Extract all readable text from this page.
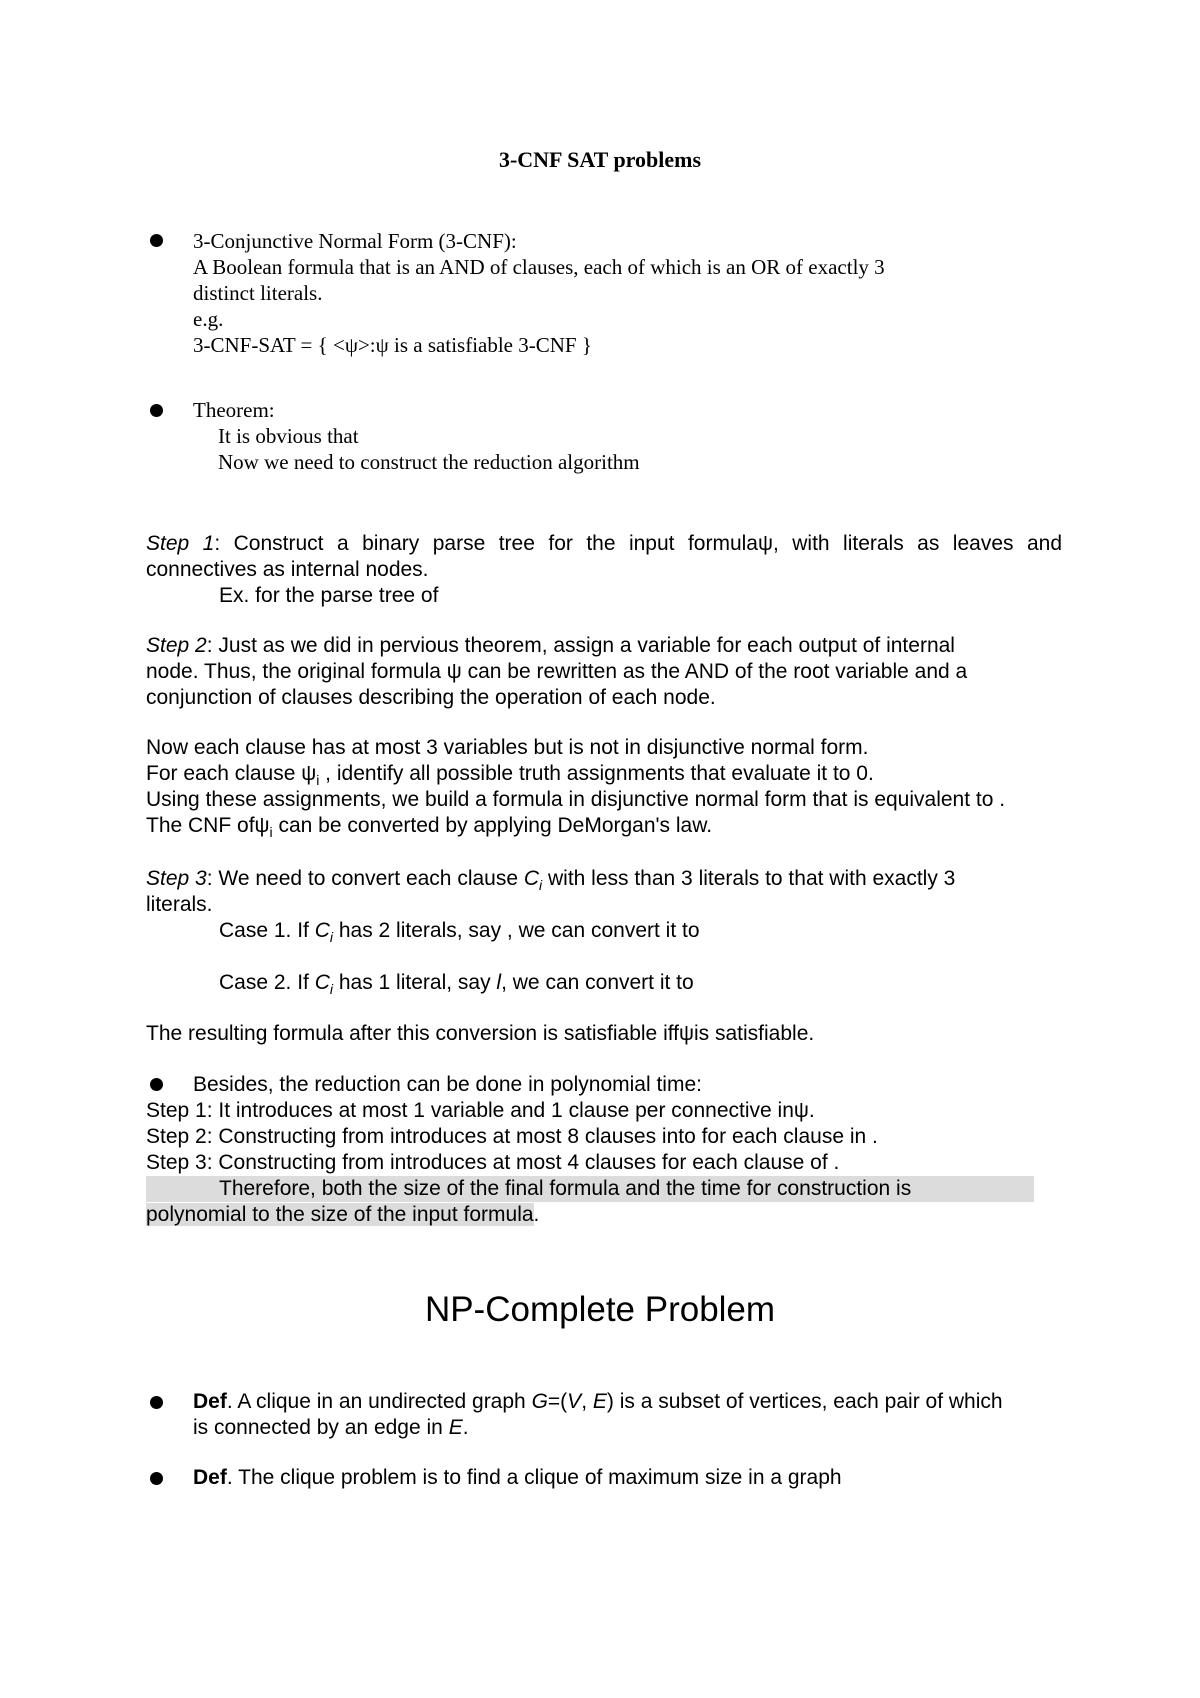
3-CNF SAT problems

3-Conjunctive Normal Form (3-CNF):

A Boolean formula that is an AND of clauses, each of which is an OR of exactly 3

distinct literals.

e.g.

3-CNF-SAT = { <ψ>:ψ is a satisfiable 3-CNF }

Theorem:

It is obvious that

Now we need to construct the reduction algorithm

Step 1: Construct a binary parse tree for the input formulaψ, with literals as leaves and

connectives as internal nodes.

Ex. for the parse tree of

Step 2: Just as we did in pervious theorem, assign a variable for each output of internal

node. Thus, the original formula ψ can be rewritten as the AND of the root variable and a

conjunction of clauses describing the operation of each node.

Now each clause has at most 3 variables but is not in disjunctive normal form.

For each clause $\psi_i$ , identify all possible truth assignments that evaluate it to 0.

Using these assignments, we build a formula in disjunctive normal form that is equivalent to .

The CNF ofψ$_i$ can be converted by applying DeMorgan's law.

Step 3: We need to convert each clause $C_i$ with less than 3 literals to that with exactly 3

literals.

Case 1. If $C_i$ has 2 literals, say , we can convert it to

Case 2. If $C_i$ has 1 literal, say l, we can convert it to

The resulting formula after this conversion is satisfiable iffψis satisfiable.

Besides, the reduction can be done in polynomial time:

Step 1: It introduces at most 1 variable and 1 clause per connective inψ.

Step 2: Constructing from introduces at most 8 clauses into for each clause in .

Step 3: Constructing from introduces at most 4 clauses for each clause of .

Therefore, both the size of the final formula and the time for construction is

polynomial to the size of the input formula.

NP-Complete Problem

Def. A clique in an undirected graph G=(V, E) is a subset of vertices, each pair of which

is connected by an edge in E.

Def. The clique problem is to find a clique of maximum size in a graph
